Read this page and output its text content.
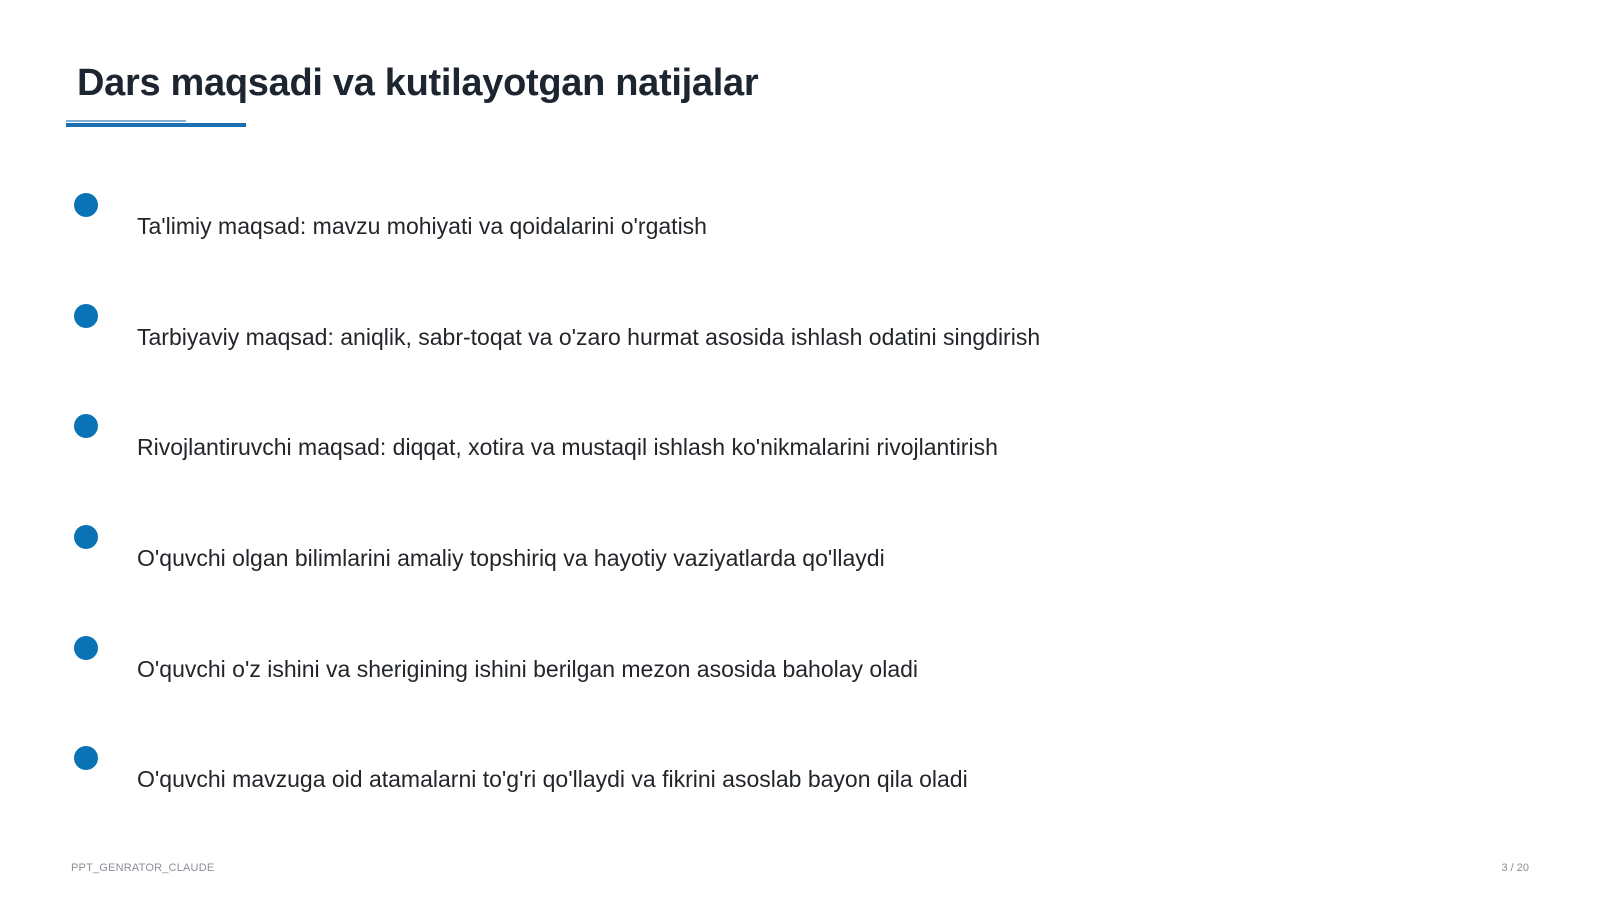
Dars maqsadi va kutilayotgan natijalar
Ta'limiy maqsad: mavzu mohiyati va qoidalarini o'rgatish
Tarbiyaviy maqsad: aniqlik, sabr-toqat va o'zaro hurmat asosida ishlash odatini singdirish
Rivojlantiruvchi maqsad: diqqat, xotira va mustaqil ishlash ko'nikmalarini rivojlantirish
O'quvchi olgan bilimlarini amaliy topshiriq va hayotiy vaziyatlarda qo'llaydi
O'quvchi o'z ishini va sherigining ishini berilgan mezon asosida baholay oladi
O'quvchi mavzuga oid atamalarni to'g'ri qo'llaydi va fikrini asoslab bayon qila oladi
PPT_GENRATOR_CLAUDE	3 / 20
